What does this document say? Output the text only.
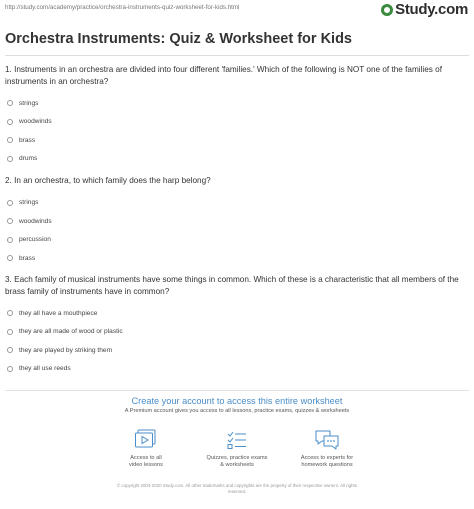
http://study.com/academy/practice/orchestra-instruments-quiz-worksheet-for-kids.html	Study.com
Orchestra Instruments: Quiz & Worksheet for Kids

1. Instruments in an orchestra are divided into four different 'families.' Which of the following is NOT one of the families of instruments in an orchestra?

strings
woodwinds
brass
drums

2. In an orchestra, to which family does the harp belong?

strings
woodwinds
percussion
brass

3. Each family of musical instruments have some things in common. Which of these is a characteristic that all members of the brass family of instruments have in common?

they all have a mouthpiece
they are all made of wood or plastic
they are played by striking them
they all use reeds
Create your account to access this entire worksheet
A Premium account gives you access to all lessons, practice exams, quizzes & worksheets
Access to all
video lessons
Quizzes, practice exams
& worksheets
Access to experts for
homework questions
© copyright 2003-2020 Study.com. All other trademarks and copyrights are the property of their respective owners. All rights
reserved.
